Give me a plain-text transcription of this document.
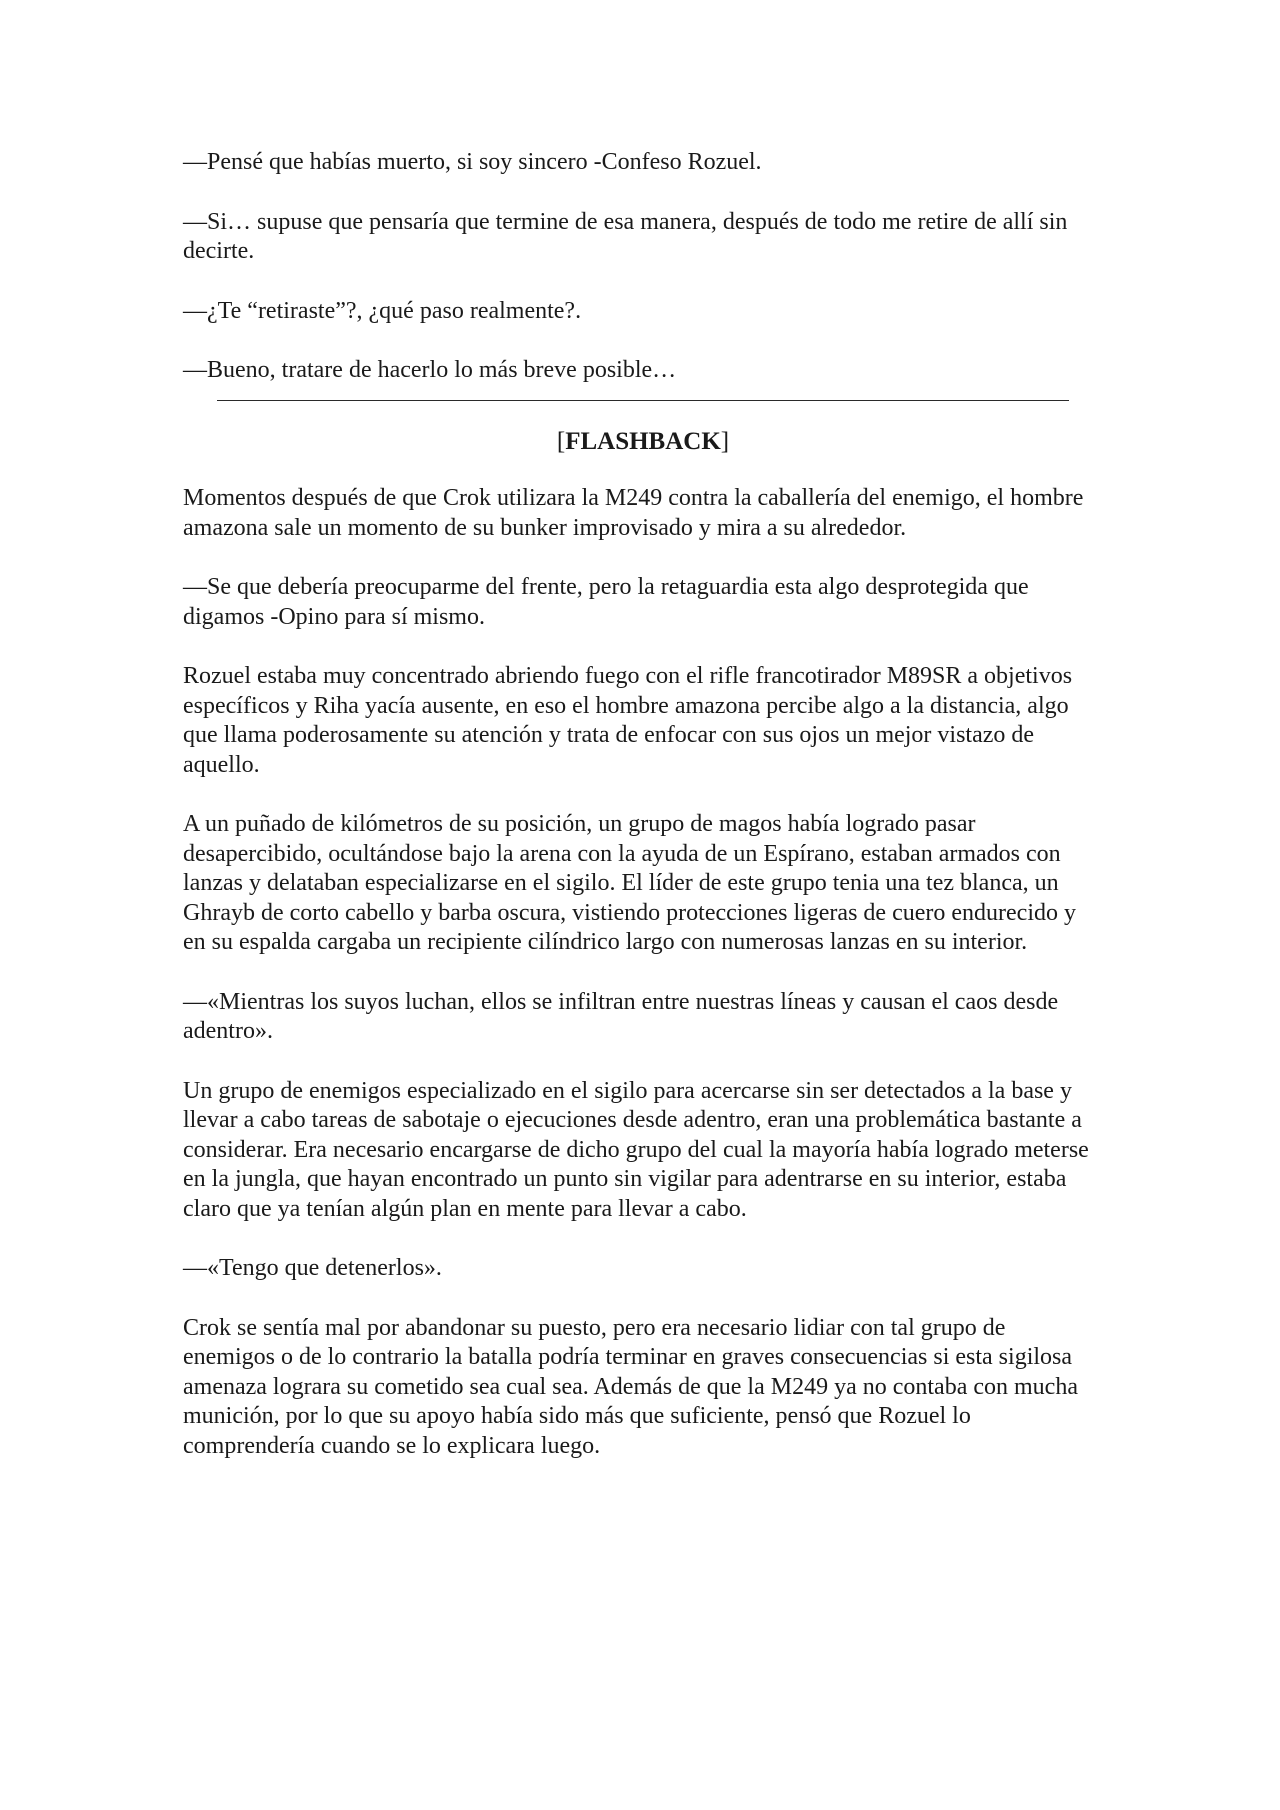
—Pensé que habías muerto, si soy sincero -Confeso Rozuel.

—Si… supuse que pensaría que termine de esa manera, después de todo me retire de allí sin decirte.

—¿Te “retiraste”?, ¿qué paso realmente?.

—Bueno, tratare de hacerlo lo más breve posible…

[FLASHBACK]

Momentos después de que Crok utilizara la M249 contra la caballería del enemigo, el hombre amazona sale un momento de su bunker improvisado y mira a su alrededor.

—Se que debería preocuparme del frente, pero la retaguardia esta algo desprotegida que digamos -Opino para sí mismo.

Rozuel estaba muy concentrado abriendo fuego con el rifle francotirador M89SR a objetivos específicos y Riha yacía ausente, en eso el hombre amazona percibe algo a la distancia, algo que llama poderosamente su atención y trata de enfocar con sus ojos un mejor vistazo de aquello.

A un puñado de kilómetros de su posición, un grupo de magos había logrado pasar desapercibido, ocultándose bajo la arena con la ayuda de un Espírano, estaban armados con lanzas y delataban especializarse en el sigilo. El líder de este grupo tenia una tez blanca, un Ghrayb de corto cabello y barba oscura, vistiendo protecciones ligeras de cuero endurecido y en su espalda cargaba un recipiente cilíndrico largo con numerosas lanzas en su interior.

—«Mientras los suyos luchan, ellos se infiltran entre nuestras líneas y causan el caos desde adentro».

Un grupo de enemigos especializado en el sigilo para acercarse sin ser detectados a la base y llevar a cabo tareas de sabotaje o ejecuciones desde adentro, eran una problemática bastante a considerar. Era necesario encargarse de dicho grupo del cual la mayoría había logrado meterse en la jungla, que hayan encontrado un punto sin vigilar para adentrarse en su interior, estaba claro que ya tenían algún plan en mente para llevar a cabo.

—«Tengo que detenerlos».

Crok se sentía mal por abandonar su puesto, pero era necesario lidiar con tal grupo de enemigos o de lo contrario la batalla podría terminar en graves consecuencias si esta sigilosa amenaza lograra su cometido sea cual sea. Además de que la M249 ya no contaba con mucha munición, por lo que su apoyo había sido más que suficiente, pensó que Rozuel lo comprendería cuando se lo explicara luego.
